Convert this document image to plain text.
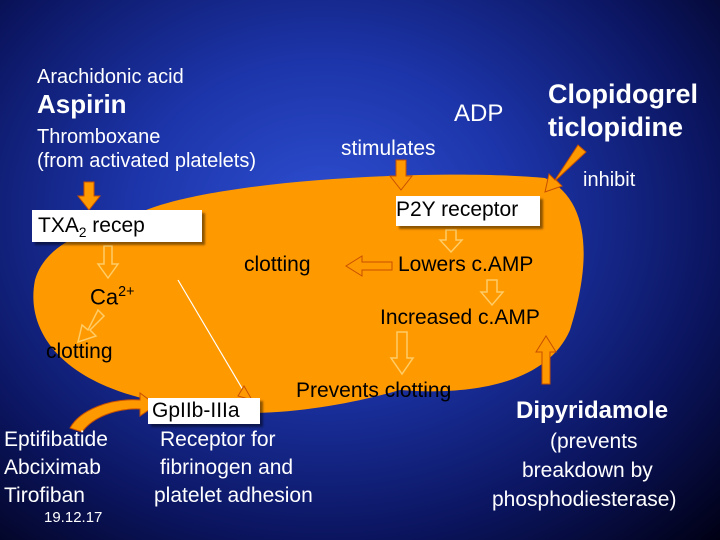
Arachidonic acid
Aspirin
Thromboxane
(from activated platelets)
ADP
stimulates
Clopidogrel
ticlopidine
inhibit
P2Y receptor
$TXA_2$ recep
clotting	Lowers c.AMP
$Ca^{2+}$
Increased c.AMP
clotting
Prevents clotting
GpIIb-IIIa
Receptor for
fibrinogen and
platelet adhesion
Eptifibatide
Abciximab
Tirofiban
19.12.17
Dipyridamole
(prevents
breakdown by
phosphodiesterase)
